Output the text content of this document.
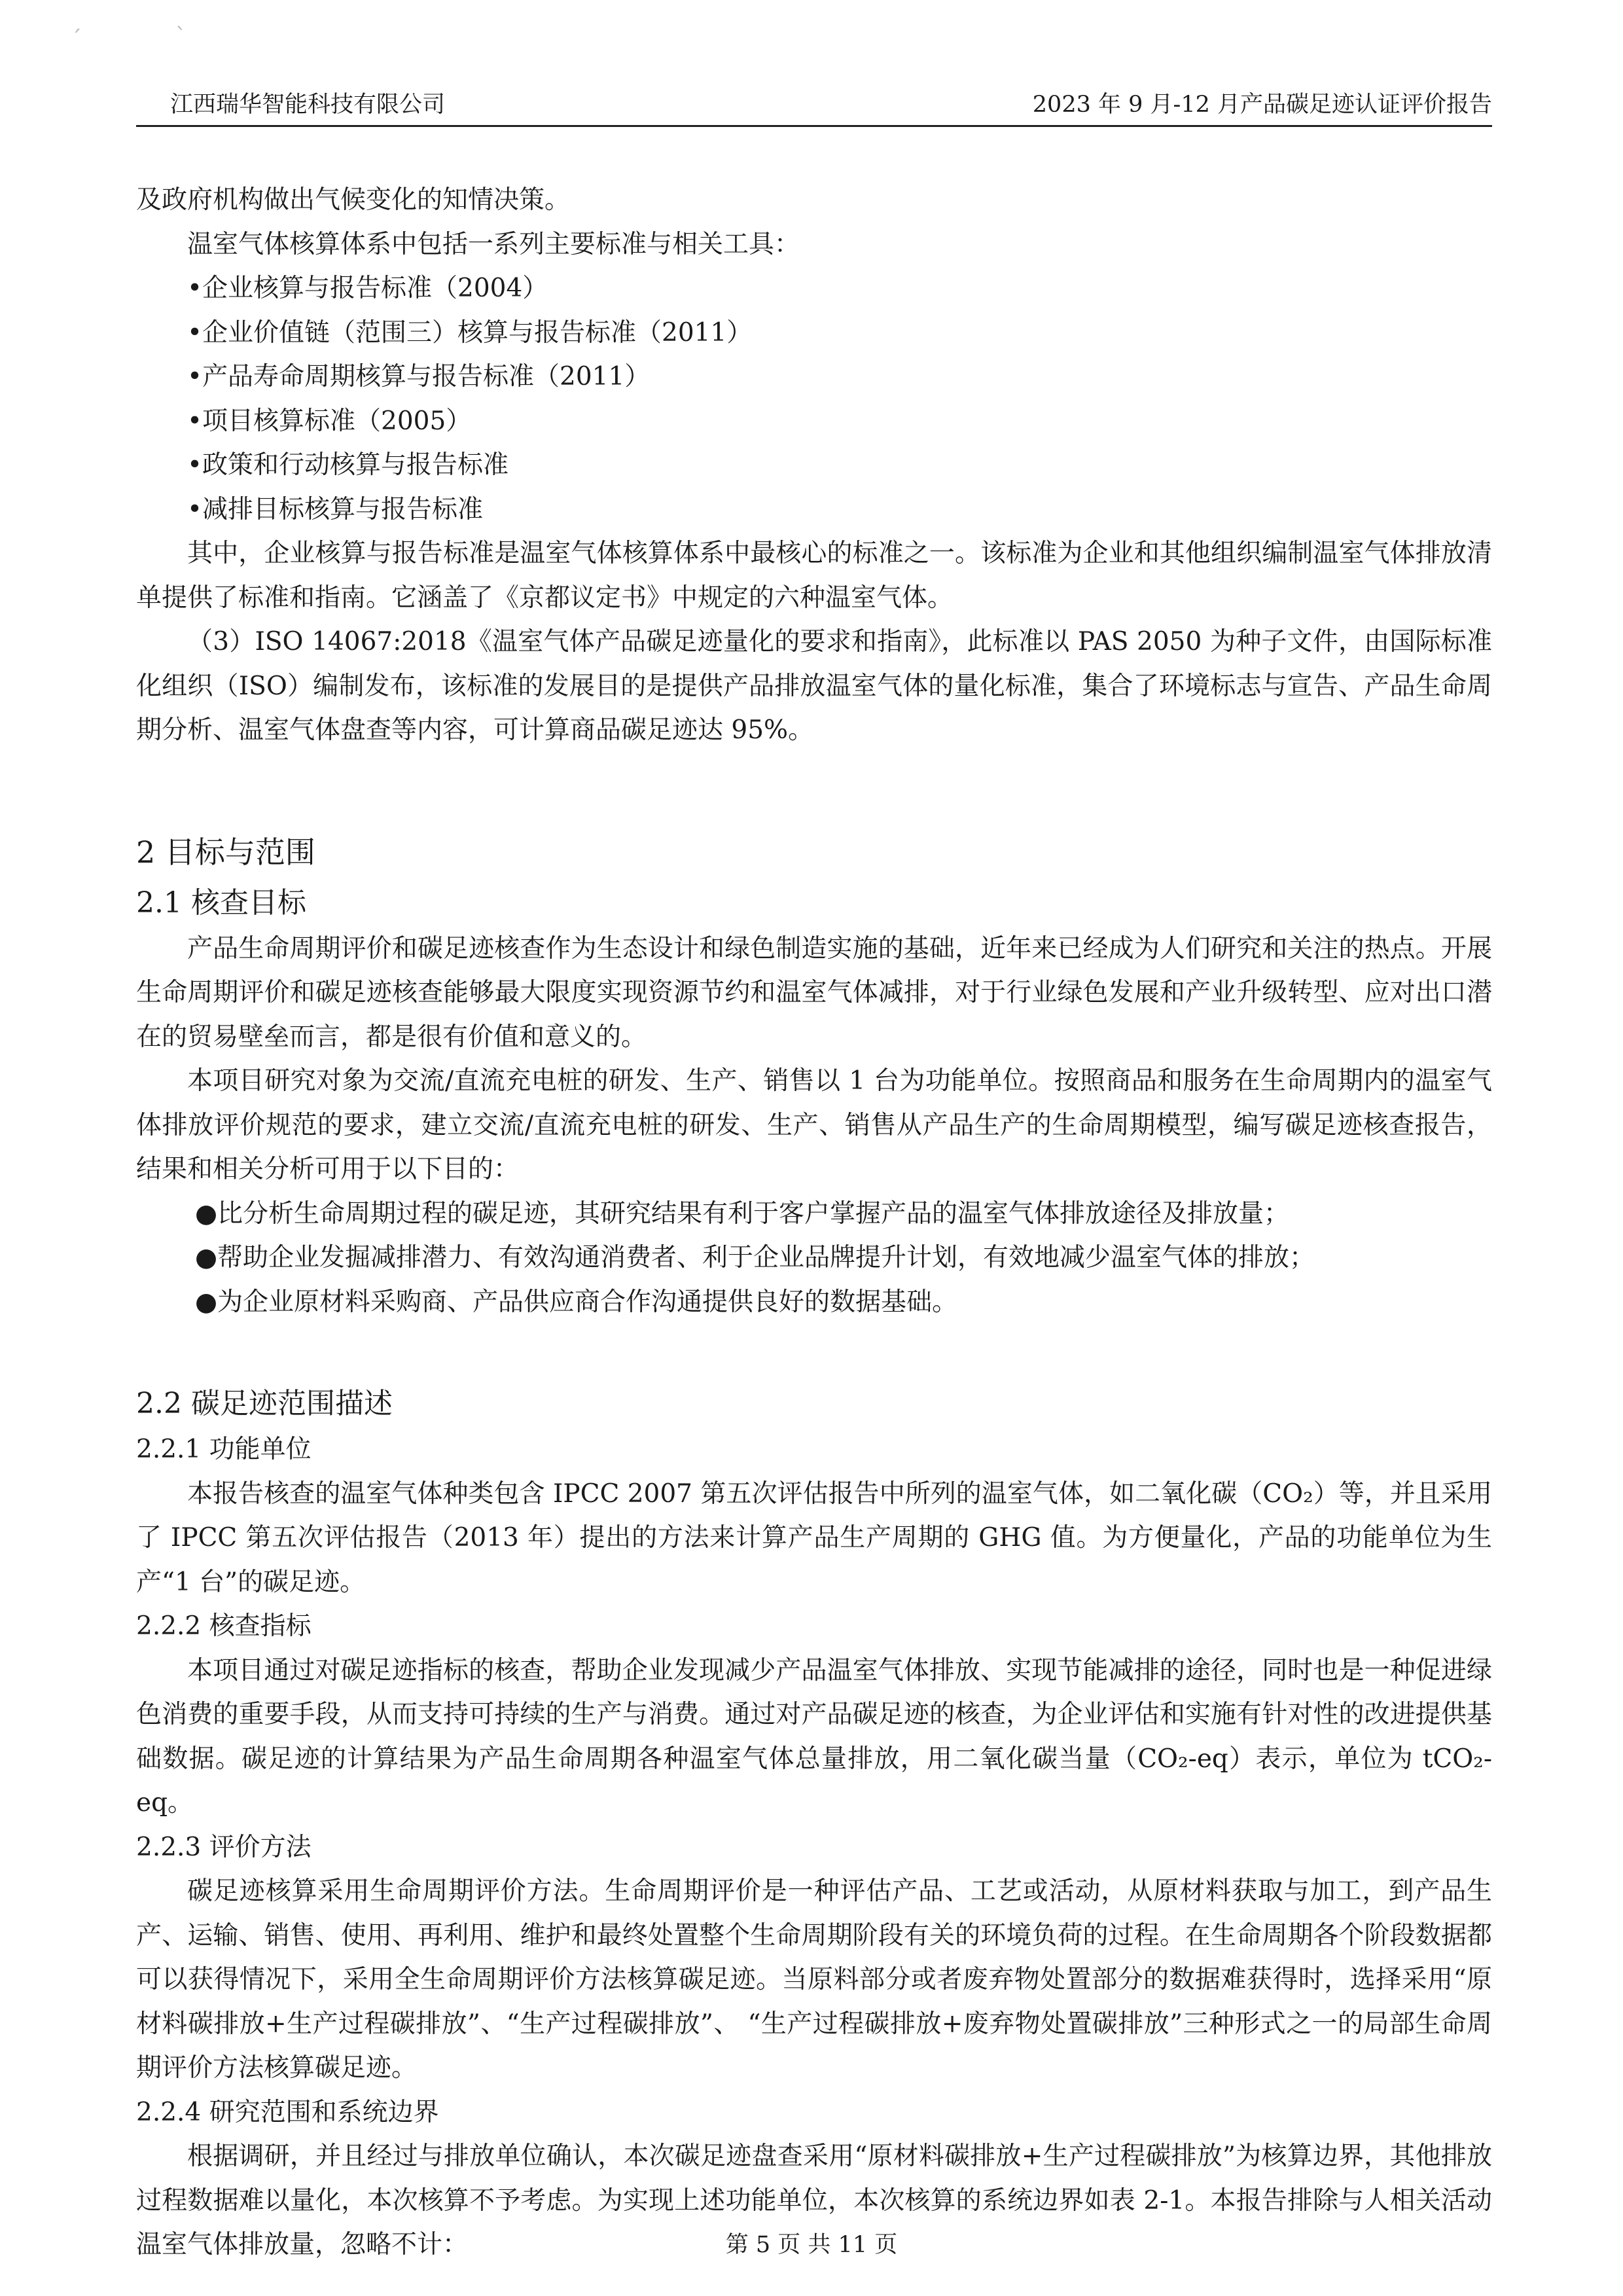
ˊ	ˋ
江西瑞华智能科技有限公司	2023 年 9 月-12 月产品碳足迹认证评价报告

及政府机构做出气候变化的知情决策。

温室气体核算体系中包括一系列主要标准与相关工具：

•企业核算与报告标准（2004）

•企业价值链（范围三）核算与报告标准（2011）

•产品寿命周期核算与报告标准（2011）

•项目核算标准（2005）

•政策和行动核算与报告标准

•减排目标核算与报告标准

其中，企业核算与报告标准是温室气体核算体系中最核心的标准之一。该标准为企业和其他组织编制温室气体排放清单提供了标准和指南。它涵盖了《京都议定书》中规定的六种温室气体。

（3）ISO 14067:2018《温室气体产品碳足迹量化的要求和指南》，此标准以 PAS 2050 为种子文件，由国际标准化组织（ISO）编制发布，该标准的发展目的是提供产品排放温室气体的量化标准，集合了环境标志与宣告、产品生命周期分析、温室气体盘查等内容，可计算商品碳足迹达 95%。

2 目标与范围
2.1 核查目标

产品生命周期评价和碳足迹核查作为生态设计和绿色制造实施的基础，近年来已经成为人们研究和关注的热点。开展生命周期评价和碳足迹核查能够最大限度实现资源节约和温室气体减排，对于行业绿色发展和产业升级转型、应对出口潜在的贸易壁垒而言，都是很有价值和意义的。

本项目研究对象为交流/直流充电桩的研发、生产、销售以 1 台为功能单位。按照商品和服务在生命周期内的温室气体排放评价规范的要求，建立交流/直流充电桩的研发、生产、销售从产品生产的生命周期模型，编写碳足迹核查报告，结果和相关分析可用于以下目的：

●比分析生命周期过程的碳足迹，其研究结果有利于客户掌握产品的温室气体排放途径及排放量；

●帮助企业发掘减排潜力、有效沟通消费者、利于企业品牌提升计划，有效地减少温室气体的排放；

●为企业原材料采购商、产品供应商合作沟通提供良好的数据基础。

2.2 碳足迹范围描述
2.2.1 功能单位

本报告核查的温室气体种类包含 IPCC 2007 第五次评估报告中所列的温室气体，如二氧化碳（CO₂）等，并且采用了 IPCC 第五次评估报告（2013 年）提出的方法来计算产品生产周期的 GHG 值。为方便量化，产品的功能单位为生产“1 台”的碳足迹。

2.2.2 核查指标

本项目通过对碳足迹指标的核查，帮助企业发现减少产品温室气体排放、实现节能减排的途径，同时也是一种促进绿色消费的重要手段，从而支持可持续的生产与消费。通过对产品碳足迹的核查，为企业评估和实施有针对性的改进提供基础数据。碳足迹的计算结果为产品生命周期各种温室气体总量排放，用二氧化碳当量（CO₂-eq）表示，单位为 tCO₂-eq。

2.2.3 评价方法

碳足迹核算采用生命周期评价方法。生命周期评价是一种评估产品、工艺或活动，从原材料获取与加工，到产品生产、运输、销售、使用、再利用、维护和最终处置整个生命周期阶段有关的环境负荷的过程。在生命周期各个阶段数据都可以获得情况下，采用全生命周期评价方法核算碳足迹。当原料部分或者废弃物处置部分的数据难获得时，选择采用“原材料碳排放+生产过程碳排放”、“生产过程碳排放”、 “生产过程碳排放+废弃物处置碳排放”三种形式之一的局部生命周期评价方法核算碳足迹。

2.2.4 研究范围和系统边界

根据调研，并且经过与排放单位确认，本次碳足迹盘查采用“原材料碳排放+生产过程碳排放”为核算边界，其他排放过程数据难以量化，本次核算不予考虑。为实现上述功能单位，本次核算的系统边界如表 2-1。本报告排除与人相关活动温室气体排放量，忽略不计：	第 5 页 共 11 页
